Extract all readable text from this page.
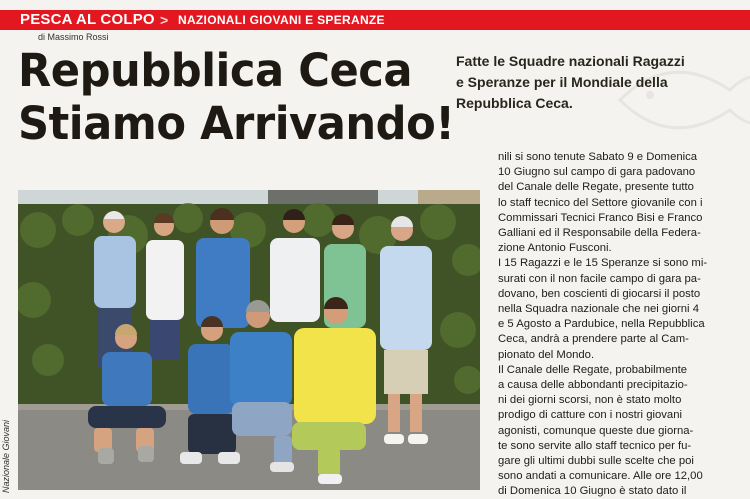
PESCA AL COLPO > NAZIONALI GIOVANI E SPERANZE
di Massimo Rossi
Repubblica Ceca
Stiamo Arrivando!
Fatte le Squadre nazionali Ragazzi
e Speranze per il Mondiale della
Repubblica Ceca.
Nazionale Giovani
nili si sono tenute Sabato 9 e Domenica
10 Giugno sul campo di gara padovano
del Canale delle Regate, presente tutto
lo staff tecnico del Settore giovanile con i
Commissari Tecnici Franco Bisi e Franco
Galliani ed il Responsabile della Federa-
zione Antonio Fusconi.
I 15 Ragazzi e le 15 Speranze si sono mi-
surati con il non facile campo di gara pa-
dovano, ben coscienti di giocarsi il posto
nella Squadra nazionale che nei giorni 4
e 5 Agosto a Pardubice, nella Repubblica
Ceca, andrà a prendere parte al Cam-
pionato del Mondo.
Il Canale delle Regate, probabilmente
a causa delle abbondanti precipitazio-
ni dei giorni scorsi, non è stato molto
prodigo di catture con i nostri giovani
agonisti, comunque queste due giorna-
te sono servite allo staff tecnico per fu-
gare gli ultimi dubbi sulle scelte che poi
sono andati a comunicare. Alle ore 12,00
di Domenica 10 Giugno è stato dato il
